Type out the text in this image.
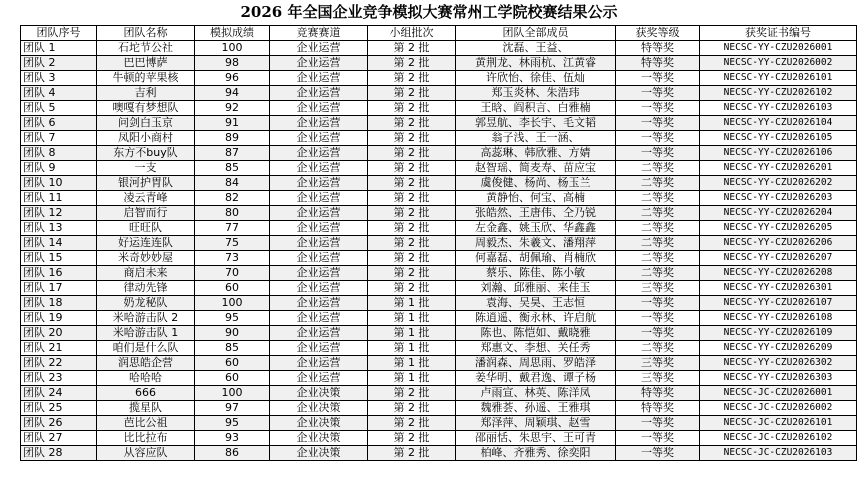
2026 年全国企业竞争模拟大赛常州工学院校赛结果公示
团队序号	团队名称	模拟成绩	竞赛赛道	小组批次	团队全部成员	获奖等级	获奖证书编号
团队 1	石坨节公社	100	企业运营	第 2 批	沈磊、王益、	特等奖	NECSC-YY-CZU2026001
团队 2	巴巴博萨	98	企业运营	第 2 批	黄荆龙、林雨杭、江黄睿	特等奖	NECSC-YY-CZU2026002
团队 3	牛顿的苹果核	96	企业运营	第 2 批	许欣怡、徐佳、伍灿	一等奖	NECSC-YY-CZU2026101
团队 4	吉利	94	企业运营	第 2 批	郑玉炎林、朱浩玮	一等奖	NECSC-YY-CZU2026102
团队 5	噢嘎有梦想队	92	企业运营	第 2 批	王晗、阎积言、白雅楠	一等奖	NECSC-YY-CZU2026103
团队 6	问剑白玉京	91	企业运营	第 2 批	郭昱航、李长宇、毛文韬	一等奖	NECSC-YY-CZU2026104
团队 7	凤阳小商村	89	企业运营	第 2 批	翁子浅、王一涵、	一等奖	NECSC-YY-CZU2026105
团队 8	东方不buy队	87	企业运营	第 2 批	高蕊琳、韩欣雅、方婧	一等奖	NECSC-YY-CZU2026106
团队 9	一支	85	企业运营	第 2 批	赵智瑶、简麦寿、苗应宝	二等奖	NECSC-YY-CZU2026201
团队 10	银河护胃队	84	企业运营	第 2 批	虞俊健、杨尚、杨玉兰	二等奖	NECSC-YY-CZU2026202
团队 11	凌云青峰	82	企业运营	第 2 批	黄静怡、何宝、高楠	二等奖	NECSC-YY-CZU2026203
团队 12	启智而行	80	企业运营	第 2 批	张皓然、王唐伟、仝乃锐	二等奖	NECSC-YY-CZU2026204
团队 13	旺旺队	77	企业运营	第 2 批	左金鑫、姚玉欣、华鑫鑫	二等奖	NECSC-YY-CZU2026205
团队 14	好运连连队	75	企业运营	第 2 批	周毅杰、朱羲文、潘翔萍	二等奖	NECSC-YY-CZU2026206
团队 15	米奇妙妙屋	73	企业运营	第 2 批	何嘉磊、胡佩瑜、肖楠欣	二等奖	NECSC-YY-CZU2026207
团队 16	商启未来	70	企业运营	第 2 批	蔡乐、陈佳、陈小敏	二等奖	NECSC-YY-CZU2026208
团队 17	律动先锋	60	企业运营	第 2 批	刘瀚、邱雅丽、来佳玉	三等奖	NECSC-YY-CZU2026301
团队 18	奶龙秘队	100	企业运营	第 1 批	袁海、吴昊、王志恒	一等奖	NECSC-YY-CZU2026107
团队 19	米哈游击队 2	95	企业运营	第 1 批	陈逍遥、衡永林、许启航	一等奖	NECSC-YY-CZU2026108
团队 20	米哈游击队 1	90	企业运营	第 1 批	陈也、陈恺如、戴晓雅	一等奖	NECSC-YY-CZU2026109
团队 21	咱们是什么队	85	企业运营	第 1 批	郑惠文、李想、关任秀	二等奖	NECSC-YY-CZU2026209
团队 22	润思皓企营	60	企业运营	第 1 批	潘润森、周思雨、罗皓泽	三等奖	NECSC-YY-CZU2026302
团队 23	哈哈哈	60	企业运营	第 1 批	姜华明、戴君逸、谭子杨	三等奖	NECSC-YY-CZU2026303
团队 24	666	100	企业决策	第 2 批	卢雨宣、林英、陈洋凤	特等奖	NECSC-JC-CZU2026001
团队 25	揽星队	97	企业决策	第 2 批	魏雅荟、孙遥、王雅琪	特等奖	NECSC-JC-CZU2026002
团队 26	芭比公祖	95	企业决策	第 2 批	郑泽萍、周颖琪、赵雪	一等奖	NECSC-JC-CZU2026101
团队 27	比比拉布	93	企业决策	第 2 批	邵丽恬、朱思宇、王可青	一等奖	NECSC-JC-CZU2026102
团队 28	从容应队	86	企业决策	第 2 批	柏峰、齐雅秀、徐奕阳	一等奖	NECSC-JC-CZU2026103
